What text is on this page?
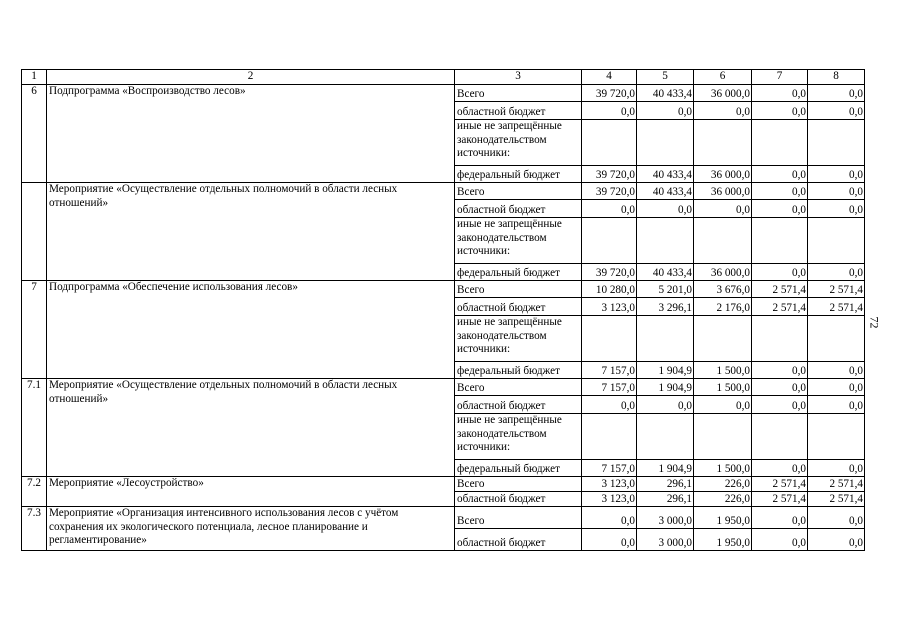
1	2	3	4	5	6	7	8
6	Подпрограмма «Воспроизводство лесов»	Всего	39 720,0	40 433,4	36 000,0	0,0	0,0
		областной бюджет	0,0	0,0	0,0	0,0	0,0
		иные не запрещённые законодательством источники:					
		федеральный бюджет	39 720,0	40 433,4	36 000,0	0,0	0,0
	Мероприятие «Осуществление отдельных полномочий в области лесных отношений»	Всего	39 720,0	40 433,4	36 000,0	0,0	0,0
		областной бюджет	0,0	0,0	0,0	0,0	0,0
		иные не запрещённые законодательством источники:					
		федеральный бюджет	39 720,0	40 433,4	36 000,0	0,0	0,0
7	Подпрограмма «Обеспечение использования лесов»	Всего	10 280,0	5 201,0	3 676,0	2 571,4	2 571,4
		областной бюджет	3 123,0	3 296,1	2 176,0	2 571,4	2 571,4
		иные не запрещённые законодательством источники:					
		федеральный бюджет	7 157,0	1 904,9	1 500,0	0,0	0,0
7.1	Мероприятие «Осуществление отдельных полномочий в области лесных отношений»	Всего	7 157,0	1 904,9	1 500,0	0,0	0,0
		областной бюджет	0,0	0,0	0,0	0,0	0,0
		иные не запрещённые законодательством источники:					
		федеральный бюджет	7 157,0	1 904,9	1 500,0	0,0	0,0
7.2	Мероприятие «Лесоустройство»	Всего	3 123,0	296,1	226,0	2 571,4	2 571,4
		областной бюджет	3 123,0	296,1	226,0	2 571,4	2 571,4
7.3	Мероприятие «Организация интенсивного использования лесов с учётом сохранения их экологического потенциала, лесное планирование и регламентирование»	Всего	0,0	3 000,0	1 950,0	0,0	0,0
		областной бюджет	0,0	3 000,0	1 950,0	0,0	0,0
72
